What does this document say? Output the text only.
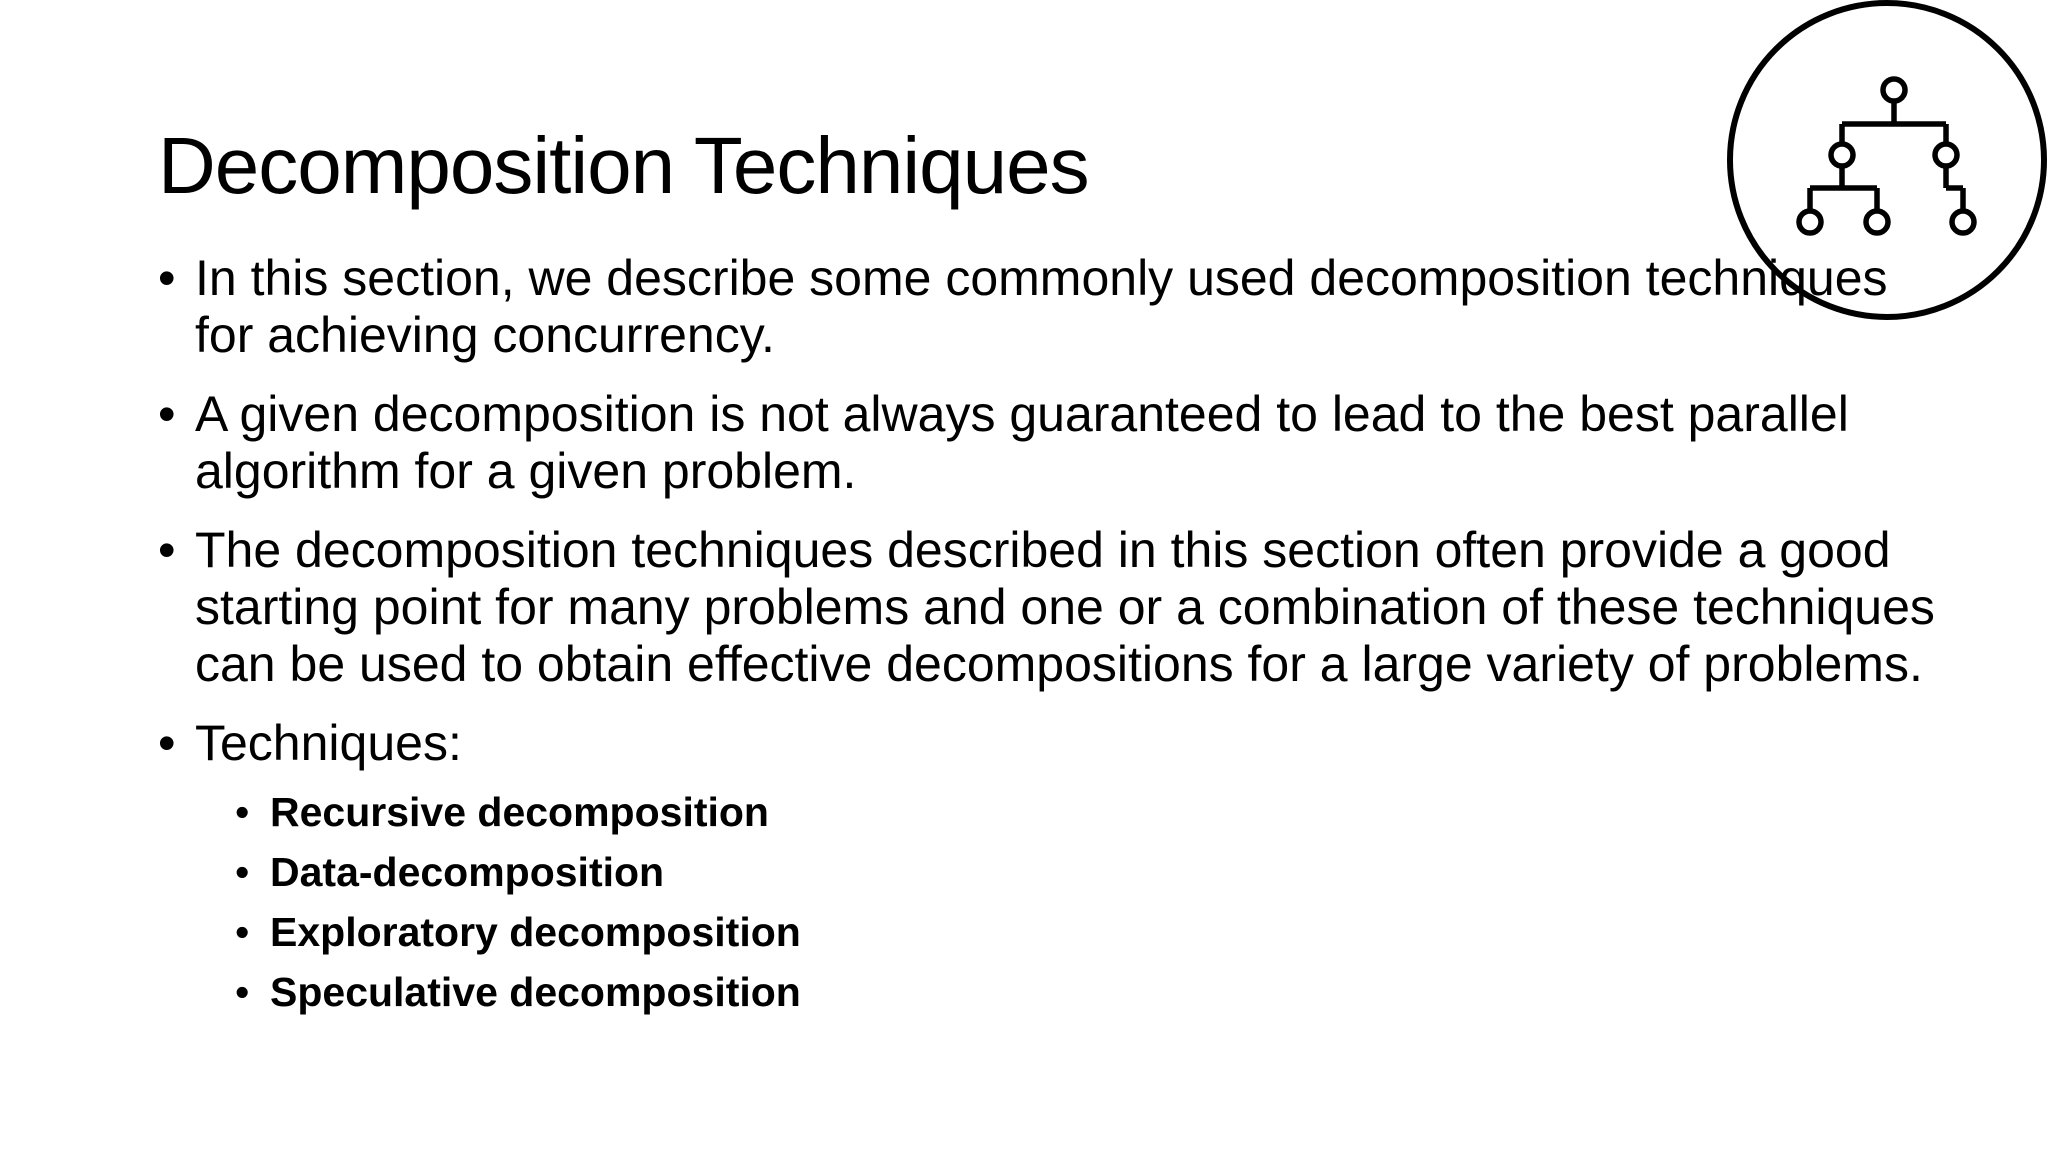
Decomposition Techniques
• In this section, we describe some commonly used decomposition techniques for achieving concurrency.
• A given decomposition is not always guaranteed to lead to the best parallel algorithm for a given problem.
• The decomposition techniques described in this section often provide a good starting point for many problems and one or a combination of these techniques can be used to obtain effective decompositions for a large variety of problems.
• Techniques:
• Recursive decomposition
• Data-decomposition
• Exploratory decomposition
• Speculative decomposition
